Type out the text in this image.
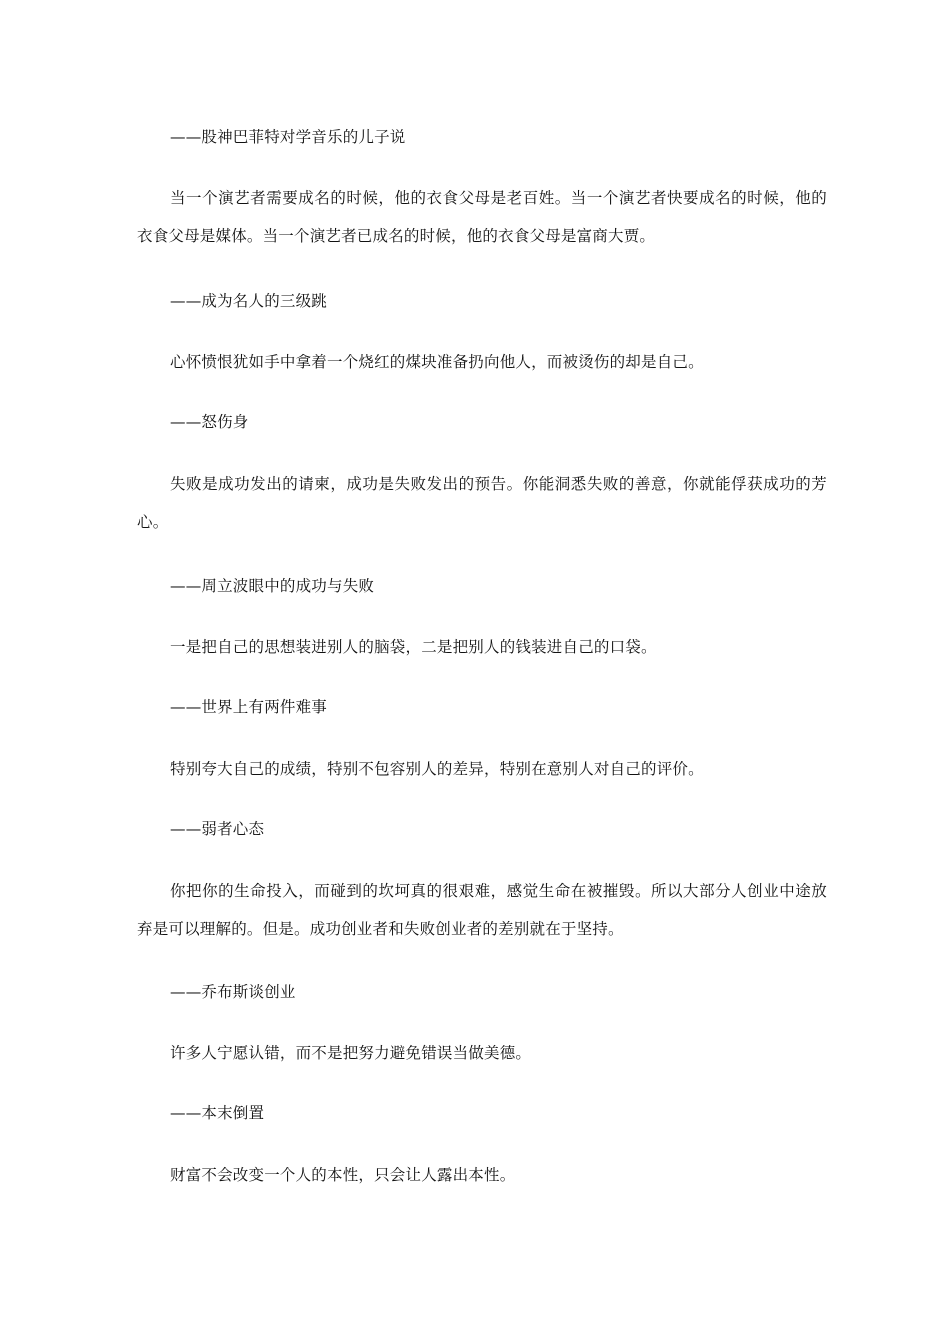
——股神巴菲特对学音乐的儿子说

当一个演艺者需要成名的时候，他的衣食父母是老百姓。当一个演艺者快要成名的时候，他的衣食父母是媒体。当一个演艺者已成名的时候，他的衣食父母是富商大贾。

——成为名人的三级跳

心怀愤恨犹如手中拿着一个烧红的煤块准备扔向他人，而被烫伤的却是自己。

——怒伤身

失败是成功发出的请柬，成功是失败发出的预告。你能洞悉失败的善意，你就能俘获成功的芳心。

——周立波眼中的成功与失败

一是把自己的思想装进别人的脑袋，二是把别人的钱装进自己的口袋。

——世界上有两件难事

特别夸大自己的成绩，特别不包容别人的差异，特别在意别人对自己的评价。

——弱者心态

你把你的生命投入，而碰到的坎坷真的很艰难，感觉生命在被摧毁。所以大部分人创业中途放弃是可以理解的。但是。成功创业者和失败创业者的差别就在于坚持。

——乔布斯谈创业

许多人宁愿认错，而不是把努力避免错误当做美德。

——本末倒置

财富不会改变一个人的本性，只会让人露出本性。
